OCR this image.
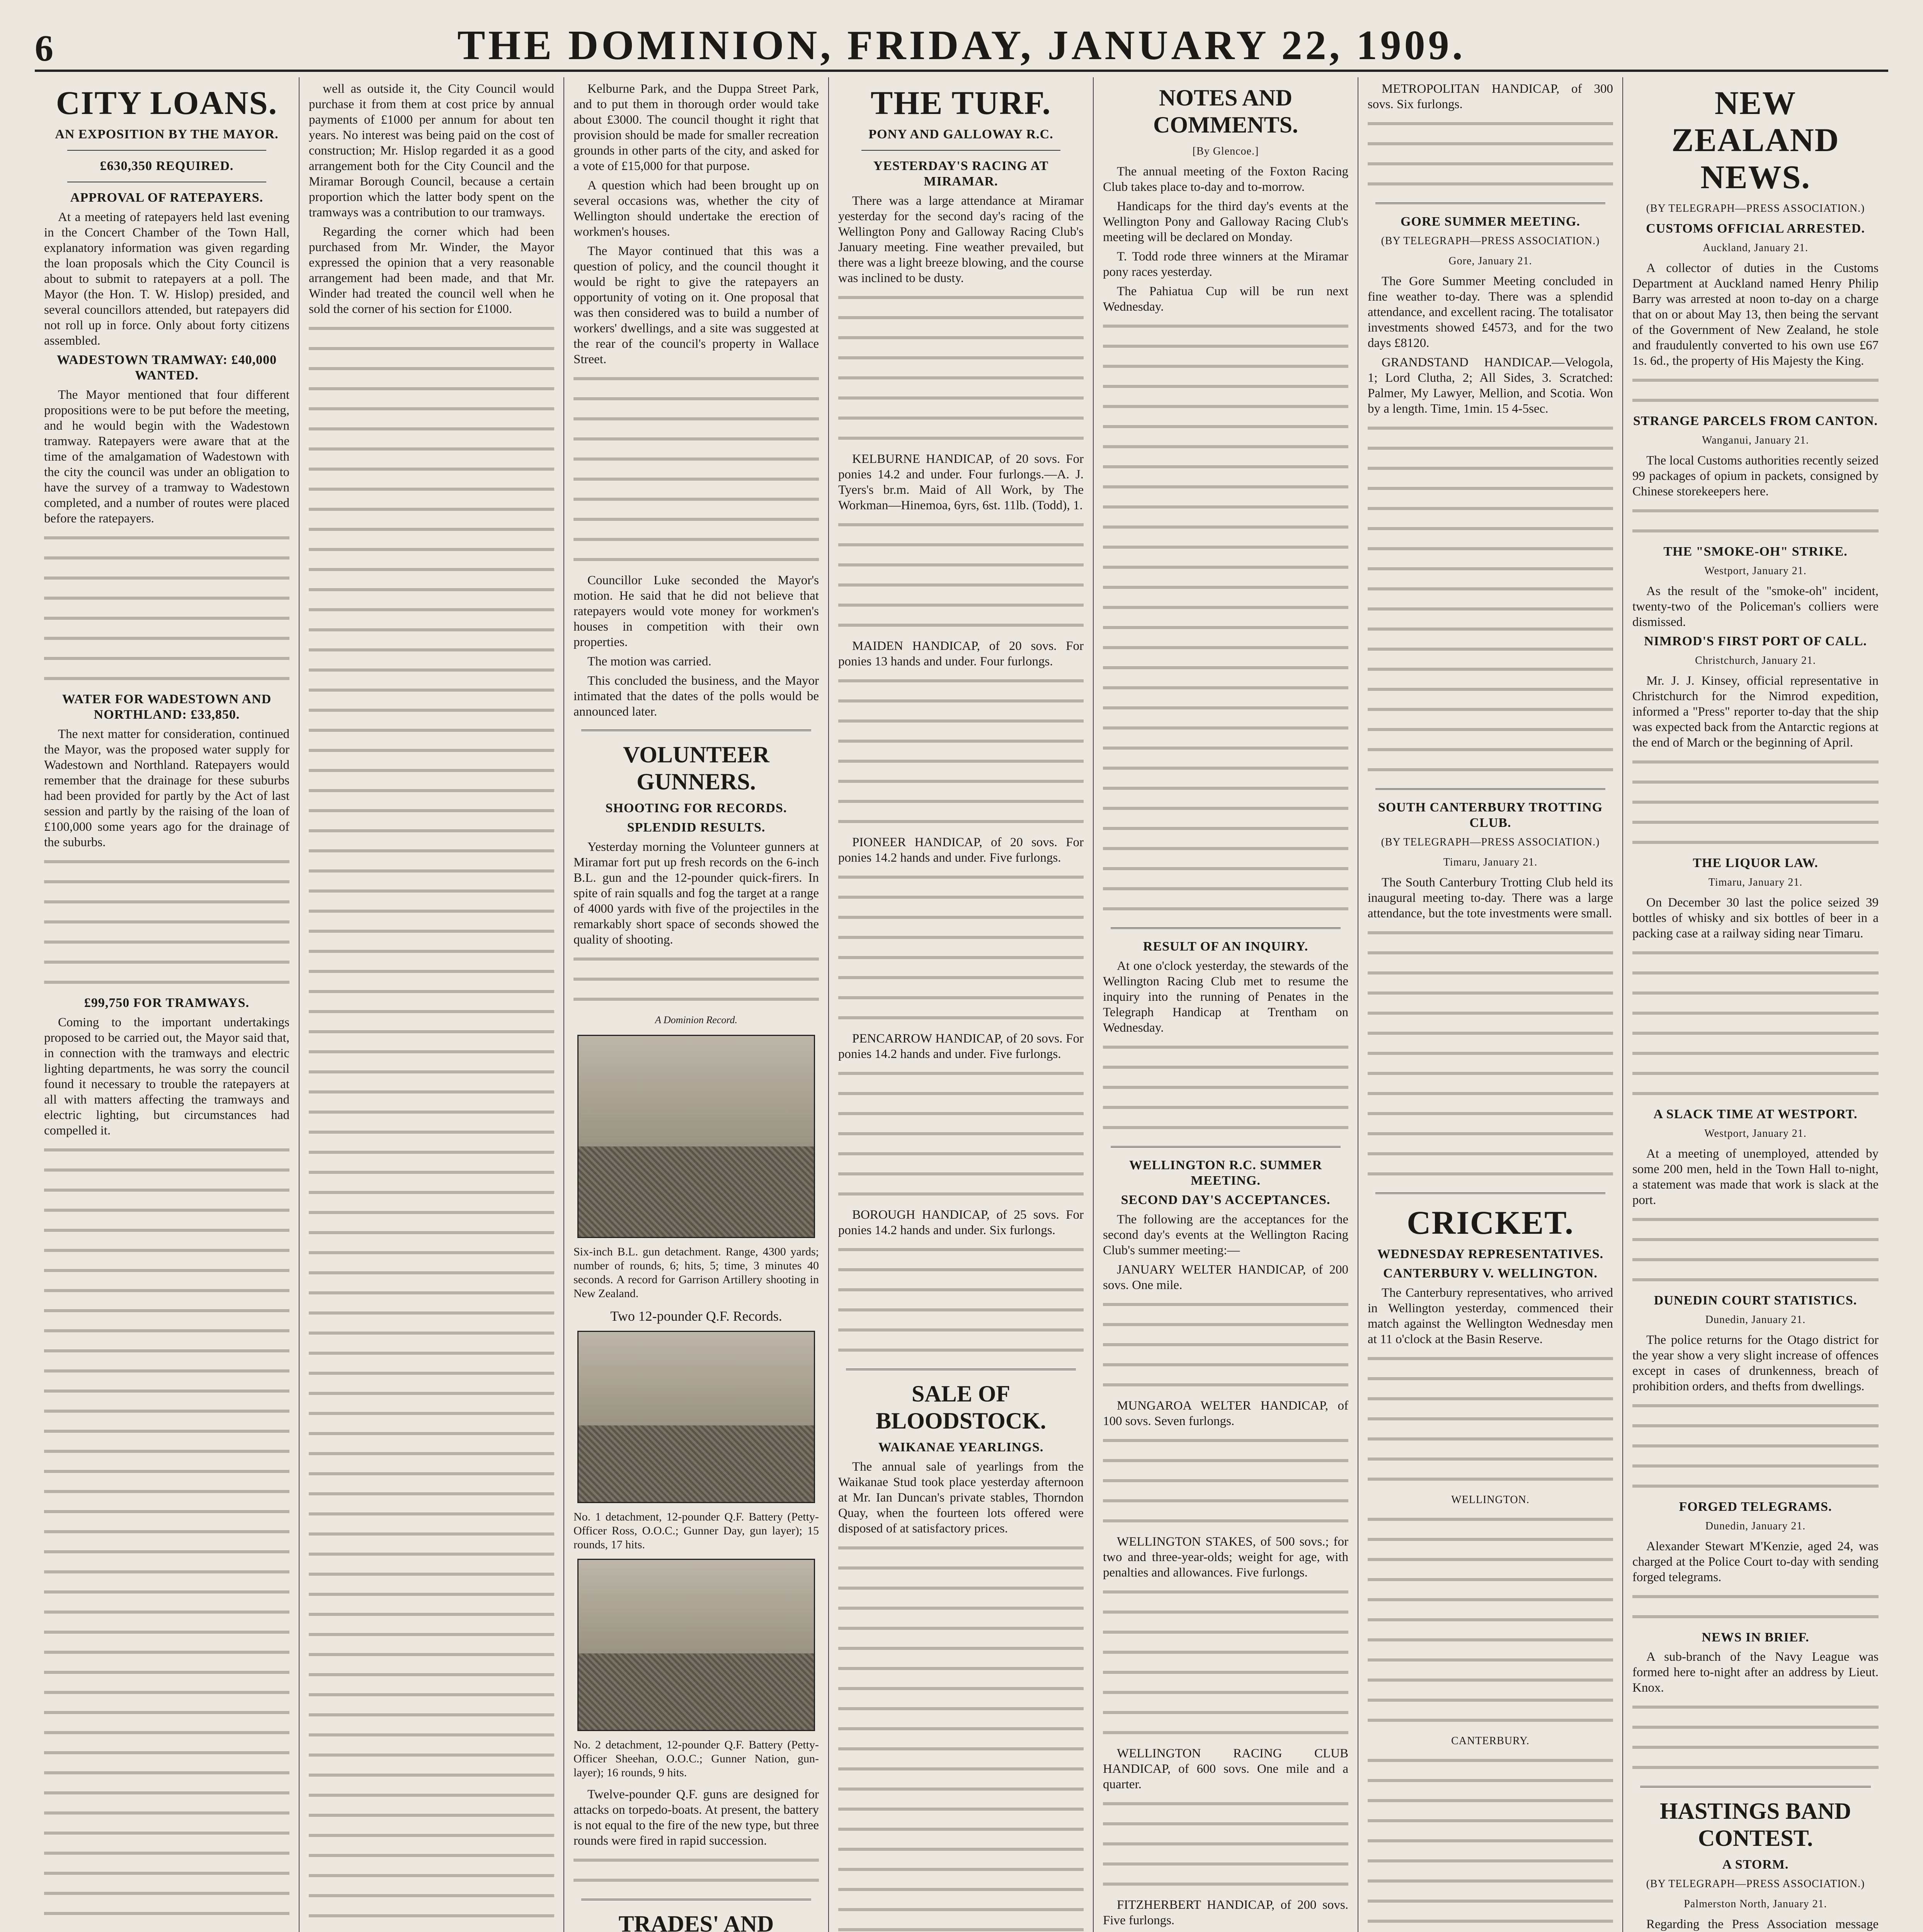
6	THE DOMINION, FRIDAY, JANUARY 22, 1909.
CITY LOANS.
AN EXPOSITION BY THE MAYOR.
£630,350 REQUIRED.
APPROVAL OF RATEPAYERS.

At a meeting of ratepayers held last evening in the Concert Chamber of the Town Hall, explanatory information was given regarding the loan proposals which the City Council is about to submit to ratepayers at a poll. The Mayor (the Hon. T. W. Hislop) presided, and several councillors attended, but ratepayers did not roll up in force. Only about forty citizens assembled.

WADESTOWN TRAMWAY: £40,000 WANTED.

The Mayor mentioned that four different propositions were to be put before the meeting, and he would begin with the Wadestown tramway. Ratepayers were aware that at the time of the amalgamation of Wadestown with the city the council was under an obligation to have the survey of a tramway to Wadestown completed, and a number of routes were placed before the ratepayers.

WATER FOR WADESTOWN AND NORTHLAND: £33,850.

The next matter for consideration, continued the Mayor, was the proposed water supply for Wadestown and Northland. Ratepayers would remember that the drainage for these suburbs had been provided for partly by the Act of last session and partly by the raising of the loan of £100,000 some years ago for the drainage of the suburbs.

£99,750 FOR TRAMWAYS.

Coming to the important undertakings proposed to be carried out, the Mayor said that, in connection with the tramways and electric lighting departments, he was sorry the council found it necessary to trouble the ratepayers at all with matters affecting the tramways and electric lighting, but circumstances had compelled it.

well as outside it, the City Council would purchase it from them at cost price by annual payments of £1000 per annum for about ten years. No interest was being paid on the cost of construction; Mr. Hislop regarded it as a good arrangement both for the City Council and the Miramar Borough Council, because a certain proportion which the latter body spent on the tramways was a contribution to our tramways.

Regarding the corner which had been purchased from Mr. Winder, the Mayor expressed the opinion that a very reasonable arrangement had been made, and that Mr. Winder had treated the council well when he sold the corner of his section for £1000.

Kelburne Park, and the Duppa Street Park, and to put them in thorough order would take about £3000. The council thought it right that provision should be made for smaller recreation grounds in other parts of the city, and asked for a vote of £15,000 for that purpose.

A question which had been brought up on several occasions was, whether the city of Wellington should undertake the erection of workmen's houses.

The Mayor continued that this was a question of policy, and the council thought it would be right to give the ratepayers an opportunity of voting on it. One proposal that was then considered was to build a number of workers' dwellings, and a site was suggested at the rear of the council's property in Wallace Street.

Councillor Luke seconded the Mayor's motion. He said that he did not believe that ratepayers would vote money for workmen's houses in competition with their own properties.

The motion was carried.

This concluded the business, and the Mayor intimated that the dates of the polls would be announced later.

VOLUNTEER GUNNERS.
SHOOTING FOR RECORDS.
SPLENDID RESULTS.

Yesterday morning the Volunteer gunners at Miramar fort put up fresh records on the 6-inch B.L. gun and the 12-pounder quick-firers. In spite of rain squalls and fog the target at a range of 4000 yards with five of the projectiles in the remarkably short space of seconds showed the quality of shooting.

A Dominion Record.
Six-inch B.L. gun detachment. Range, 4300 yards; number of rounds, 6; hits, 5; time, 3 minutes 40 seconds. A record for Garrison Artillery shooting in New Zealand.
Two 12-pounder Q.F. Records.
No. 1 detachment, 12-pounder Q.F. Battery (Petty-Officer Ross, O.O.C.; Gunner Day, gun layer); 15 rounds, 17 hits.
No. 2 detachment, 12-pounder Q.F. Battery (Petty-Officer Sheehan, O.O.C.; Gunner Nation, gun-layer); 16 rounds, 9 hits.

Twelve-pounder Q.F. guns are designed for attacks on torpedo-boats. At present, the battery is not equal to the fire of the new type, but three rounds were fired in rapid succession.

TRADES' AND

THE TURF.
PONY AND GALLOWAY R.C.
YESTERDAY'S RACING AT MIRAMAR.

There was a large attendance at Miramar yesterday for the second day's racing of the Wellington Pony and Galloway Racing Club's January meeting. Fine weather prevailed, but there was a light breeze blowing, and the course was inclined to be dusty.

KELBURNE HANDICAP, of 20 sovs. For ponies 14.2 and under. Four furlongs.—A. J. Tyers's br.m. Maid of All Work, by The Workman—Hinemoa, 6yrs, 6st. 11lb. (Todd), 1.

MAIDEN HANDICAP, of 20 sovs. For ponies 13 hands and under. Four furlongs.

PIONEER HANDICAP, of 20 sovs. For ponies 14.2 hands and under. Five furlongs.

PENCARROW HANDICAP, of 20 sovs. For ponies 14.2 hands and under. Five furlongs.

BOROUGH HANDICAP, of 25 sovs. For ponies 14.2 hands and under. Six furlongs.

SALE OF BLOODSTOCK.
WAIKANAE YEARLINGS.

The annual sale of yearlings from the Waikanae Stud took place yesterday afternoon at Mr. Ian Duncan's private stables, Thorndon Quay, when the fourteen lots offered were disposed of at satisfactory prices.

NOTES AND COMMENTS.
[By Glencoe.]

The annual meeting of the Foxton Racing Club takes place to-day and to-morrow.

Handicaps for the third day's events at the Wellington Pony and Galloway Racing Club's meeting will be declared on Monday.

T. Todd rode three winners at the Miramar pony races yesterday.

The Pahiatua Cup will be run next Wednesday.

RESULT OF AN INQUIRY.

At one o'clock yesterday, the stewards of the Wellington Racing Club met to resume the inquiry into the running of Penates in the Telegraph Handicap at Trentham on Wednesday.

WELLINGTON R.C. SUMMER MEETING.
SECOND DAY'S ACCEPTANCES.

The following are the acceptances for the second day's events at the Wellington Racing Club's summer meeting:—

JANUARY WELTER HANDICAP, of 200 sovs. One mile.

MUNGAROA WELTER HANDICAP, of 100 sovs. Seven furlongs.

WELLINGTON STAKES, of 500 sovs.; for two and three-year-olds; weight for age, with penalties and allowances. Five furlongs.

WELLINGTON RACING CLUB HANDICAP, of 600 sovs. One mile and a quarter.

FITZHERBERT HANDICAP, of 200 sovs. Five furlongs.

METROPOLITAN HANDICAP, of 300 sovs. Six furlongs.

GORE SUMMER MEETING.
(BY TELEGRAPH—PRESS ASSOCIATION.)
Gore, January 21.

The Gore Summer Meeting concluded in fine weather to-day. There was a splendid attendance, and excellent racing. The totalisator investments showed £4573, and for the two days £8120.

GRANDSTAND HANDICAP.—Velogola, 1; Lord Clutha, 2; All Sides, 3. Scratched: Palmer, My Lawyer, Mellion, and Scotia. Won by a length. Time, 1min. 15 4-5sec.

SOUTH CANTERBURY TROTTING CLUB.
(BY TELEGRAPH—PRESS ASSOCIATION.)
Timaru, January 21.

The South Canterbury Trotting Club held its inaugural meeting to-day. There was a large attendance, but the tote investments were small.

CRICKET.
WEDNESDAY REPRESENTATIVES.
CANTERBURY V. WELLINGTON.

The Canterbury representatives, who arrived in Wellington yesterday, commenced their match against the Wellington Wednesday men at 11 o'clock at the Basin Reserve.

WELLINGTON.
CANTERBURY.

NEW ZEALAND NEWS.
(BY TELEGRAPH—PRESS ASSOCIATION.)
CUSTOMS OFFICIAL ARRESTED.
Auckland, January 21.

A collector of duties in the Customs Department at Auckland named Henry Philip Barry was arrested at noon to-day on a charge that on or about May 13, then being the servant of the Government of New Zealand, he stole and fraudulently converted to his own use £67 1s. 6d., the property of His Majesty the King.

STRANGE PARCELS FROM CANTON.
Wanganui, January 21.

The local Customs authorities recently seized 99 packages of opium in packets, consigned by Chinese storekeepers here.

THE "SMOKE-OH" STRIKE.
Westport, January 21.

As the result of the "smoke-oh" incident, twenty-two of the Policeman's colliers were dismissed.

NIMROD'S FIRST PORT OF CALL.
Christchurch, January 21.

Mr. J. J. Kinsey, official representative in Christchurch for the Nimrod expedition, informed a "Press" reporter to-day that the ship was expected back from the Antarctic regions at the end of March or the beginning of April.

THE LIQUOR LAW.
Timaru, January 21.

On December 30 last the police seized 39 bottles of whisky and six bottles of beer in a packing case at a railway siding near Timaru.

A SLACK TIME AT WESTPORT.
Westport, January 21.

At a meeting of unemployed, attended by some 200 men, held in the Town Hall to-night, a statement was made that work is slack at the port.

DUNEDIN COURT STATISTICS.
Dunedin, January 21.

The police returns for the Otago district for the year show a very slight increase of offences except in cases of drunkenness, breach of prohibition orders, and thefts from dwellings.

FORGED TELEGRAMS.
Dunedin, January 21.

Alexander Stewart M'Kenzie, aged 24, was charged at the Police Court to-day with sending forged telegrams.

NEWS IN BRIEF.

A sub-branch of the Navy League was formed here to-night after an address by Lieut. Knox.

HASTINGS BAND CONTEST.
A STORM.
(BY TELEGRAPH—PRESS ASSOCIATION.)
Palmerston North, January 21.

Regarding the Press Association message
